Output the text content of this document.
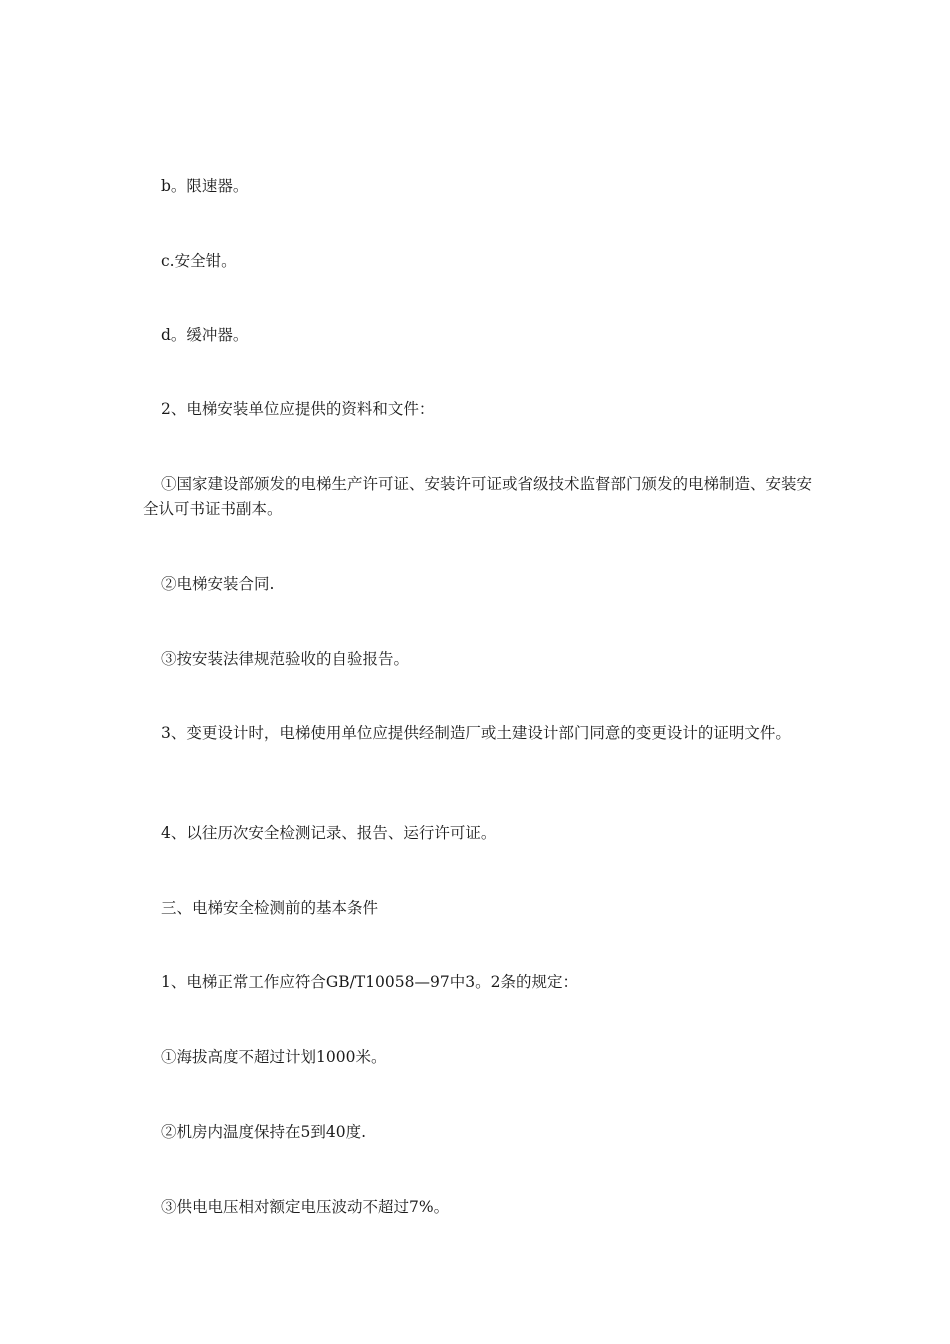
b。限速器。

c.安全钳。

d。缓冲器。

2、电梯安装单位应提供的资料和文件：

①国家建设部颁发的电梯生产许可证、安装许可证或省级技术监督部门颁发的电梯制造、安装安全认可书证书副本。

②电梯安装合同.

③按安装法律规范验收的自验报告。

3、变更设计时，电梯使用单位应提供经制造厂或土建设计部门同意的变更设计的证明文件。

4、以往历次安全检测记录、报告、运行许可证。

三、电梯安全检测前的基本条件

1、电梯正常工作应符合GB/T10058—97中3。2条的规定：

①海拔高度不超过计划1000米。

②机房内温度保持在5到40度.

③供电电压相对额定电压波动不超过7%。
